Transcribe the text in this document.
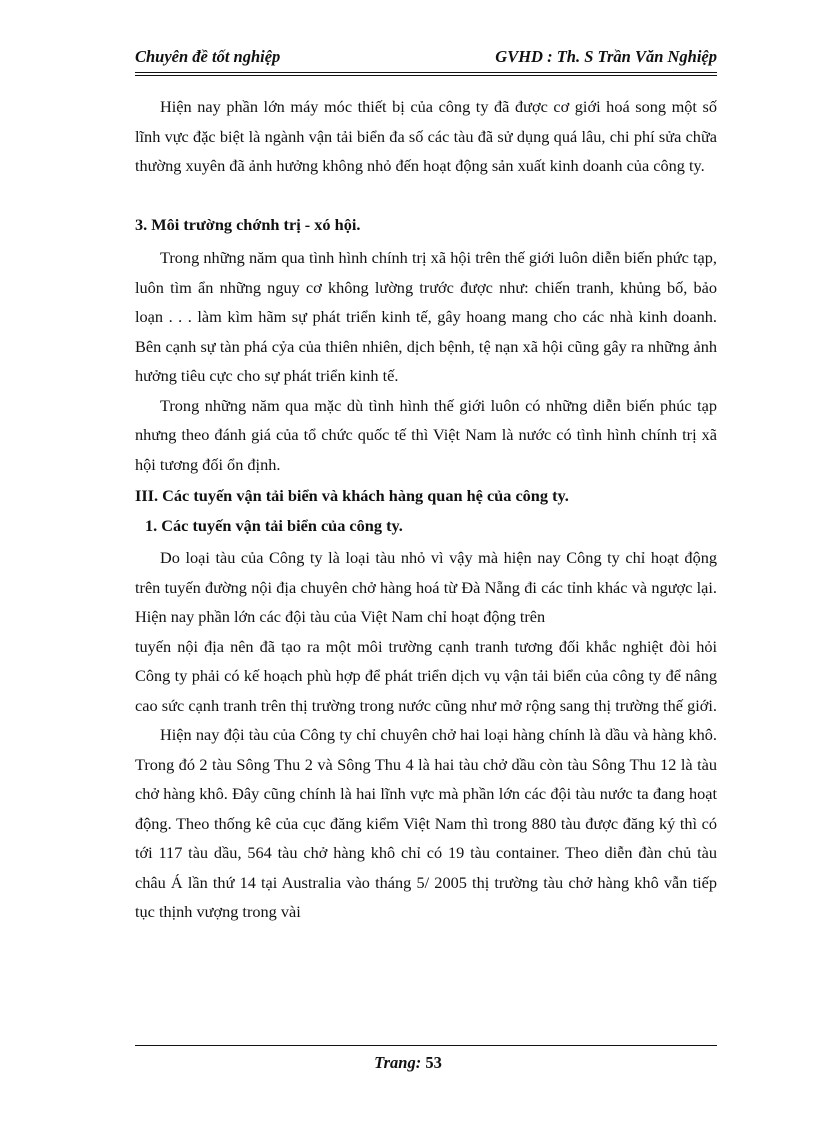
Chuyên đề tốt nghiệp	GVHD : Th. S Trần Văn Nghiệp

Hiện nay phần lớn máy móc thiết bị của công ty đã được cơ giới hoá song một số lĩnh vực đặc biệt là ngành vận tải biển đa số các tàu đã sử dụng quá lâu, chi phí sửa chữa thường xuyên đã ảnh hưởng không nhỏ đến hoạt động sản xuất kinh doanh của công ty.

3. Môi trường chớnh trị - xó hội.

Trong những năm qua tình hình chính trị xã hội trên thế giới luôn diễn biến phức tạp, luôn tìm ẩn những nguy cơ không lường trước được như: chiến tranh, khủng bố, bảo loạn . . . làm kìm hãm sự phát triển kinh tế, gây hoang mang cho các nhà kinh doanh. Bên cạnh sự tàn phá cỷa của thiên nhiên, dịch bệnh, tệ nạn xã hội cũng gây ra những ảnh hưởng tiêu cực cho sự phát triển kinh tế.

Trong những năm qua mặc dù tình hình thế giới luôn có những diễn biến phúc tạp nhưng theo đánh giá của tổ chức quốc tế thì Việt Nam là nước có tình hình chính trị xã hội tương đối ổn định.

III. Các tuyến vận tải biển và khách hàng quan hệ của công ty.

1. Các tuyến vận tải biển của công ty.

Do loại tàu của Công ty là loại tàu nhỏ vì vậy mà hiện nay Công ty chỉ hoạt động trên tuyến đường nội địa chuyên chở hàng hoá từ Đà Nẵng đi các tỉnh khác và ngược lại. Hiện nay phần lớn các đội tàu của Việt Nam chỉ hoạt động trên

tuyến nội địa nên đã tạo ra một môi trường cạnh tranh tương đối khắc nghiệt đòi hỏi Công ty phải có kế hoạch phù hợp để phát triển dịch vụ vận tải biển của công ty để nâng cao sức cạnh tranh trên thị trường trong nước cũng như mở rộng sang thị trường thế giới.

Hiện nay đội tàu của Công ty chỉ chuyên chở hai loại hàng chính là dầu và hàng khô. Trong đó 2 tàu Sông Thu 2 và Sông Thu 4 là hai tàu chở dầu còn tàu Sông Thu 12 là tàu chở hàng khô. Đây cũng chính là hai lĩnh vực mà phần lớn các đội tàu nước ta đang hoạt động. Theo thống kê của cục đăng kiểm Việt Nam thì trong 880 tàu được đăng ký thì có tới 117 tàu dầu, 564 tàu chở hàng khô chỉ có 19 tàu container. Theo diễn đàn chủ tàu châu Á lần thứ 14 tại Australia vào tháng 5/ 2005 thị trường tàu chở hàng khô vẫn tiếp tục thịnh vượng trong vài

Trang: 53
